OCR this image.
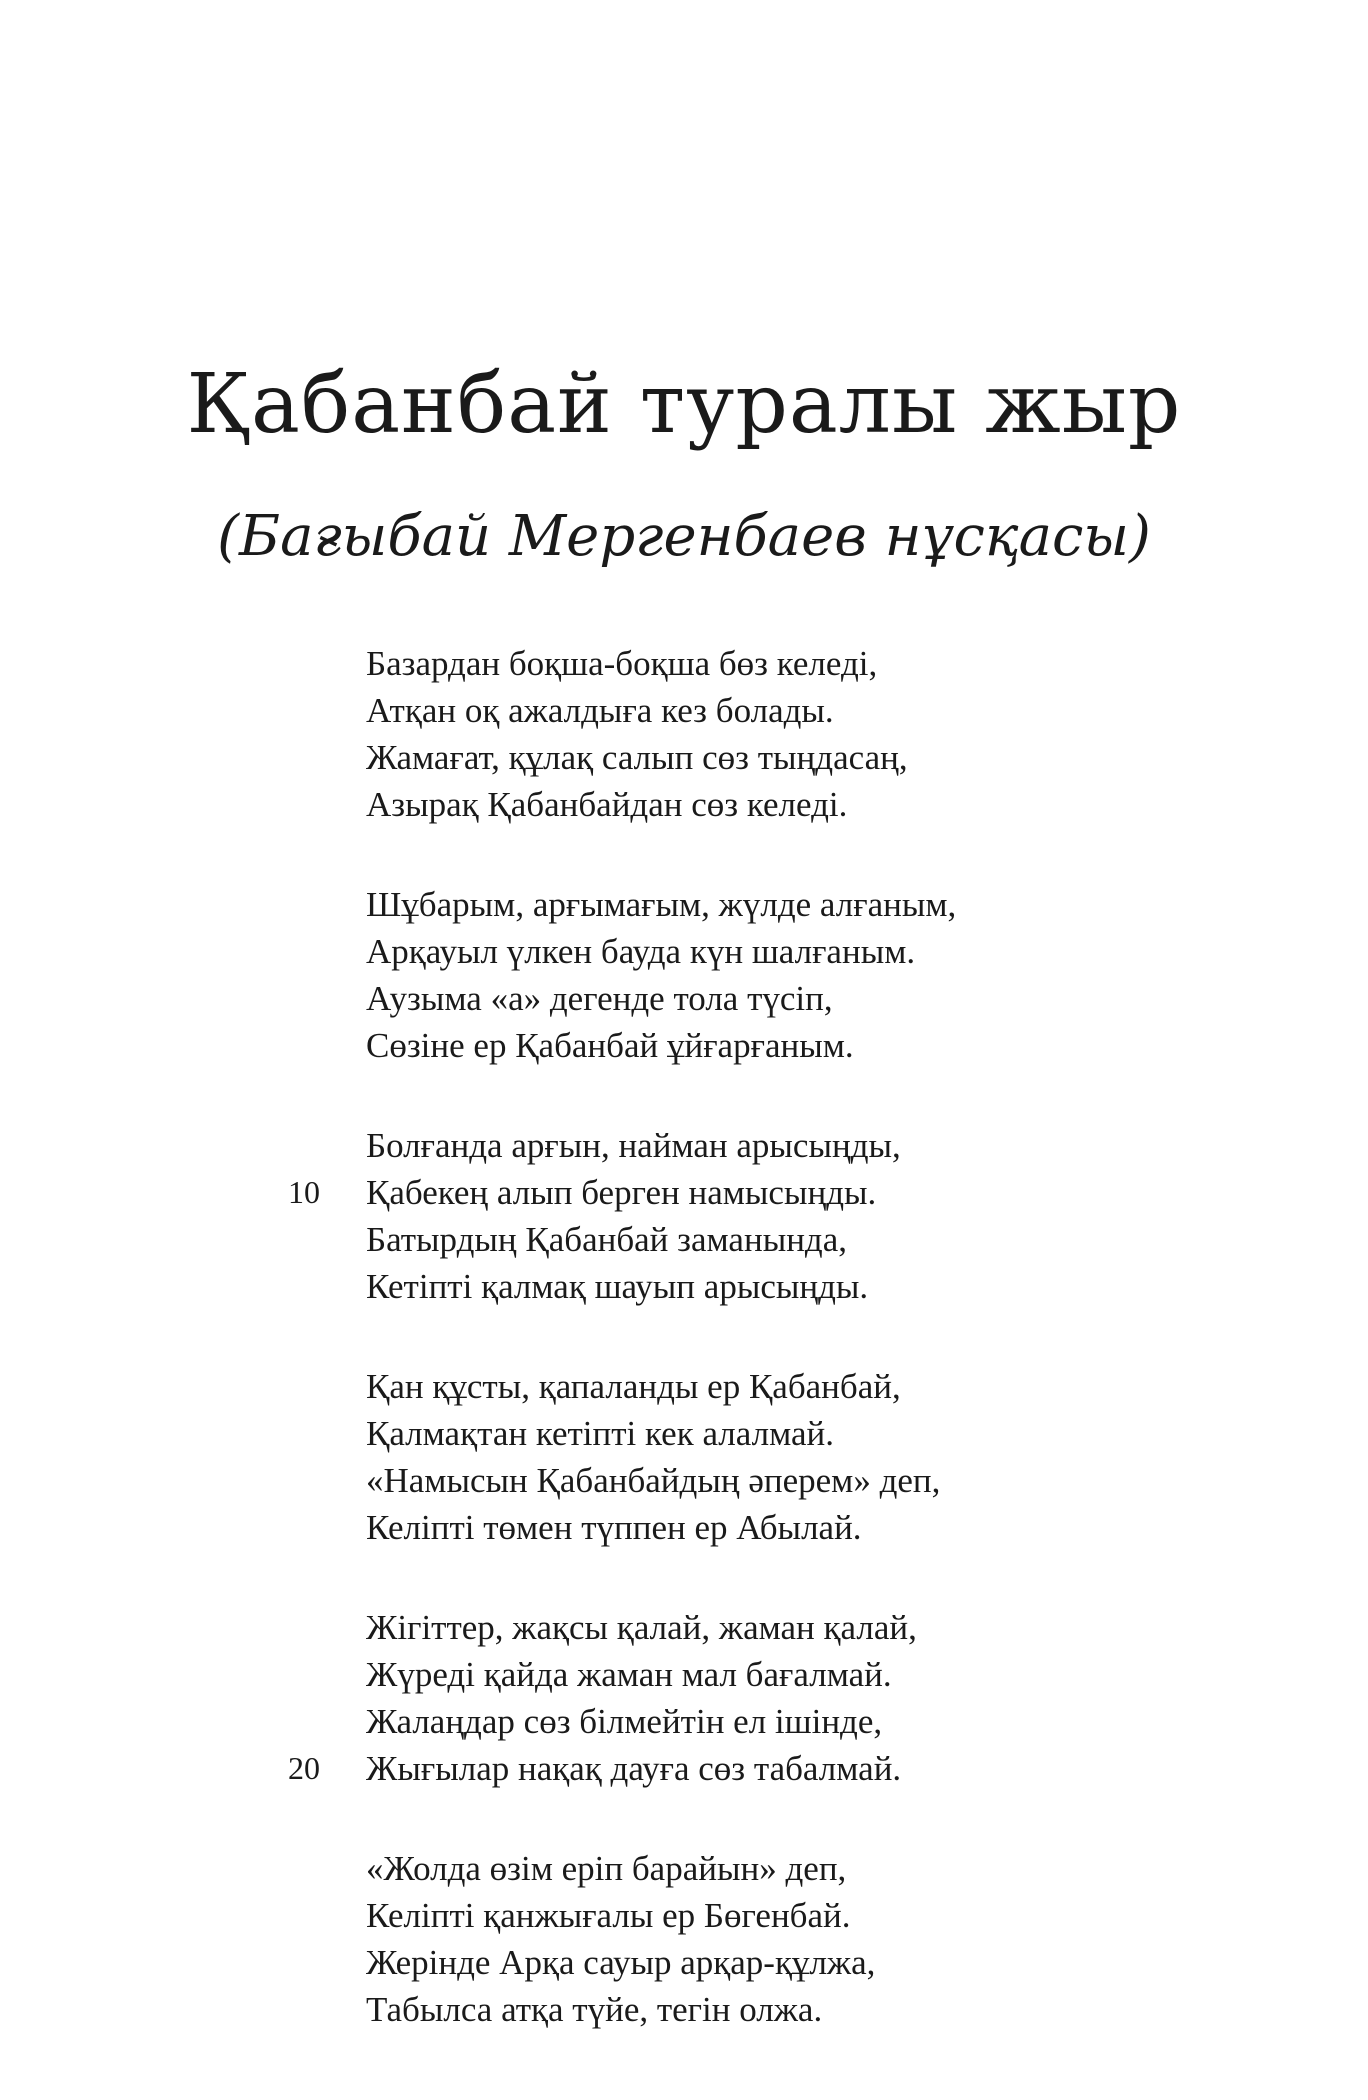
Қабанбай туралы жыр
(Бағыбай Мергенбаев нұсқасы)
Базардан боқша-боқша бөз келеді,
Атқан оқ ажалдыға кез болады.
Жамағат, құлақ салып сөз тыңдасаң,
Азырақ Қабанбайдан сөз келеді.
Шұбарым, арғымағым, жүлде алғаным,
Арқауыл үлкен бауда күн шалғаным.
Аузыма «а» дегенде тола түсіп,
Сөзіне ер Қабанбай ұйғарғаным.
Болғанда арғын, найман арысыңды,
10 Қабекең алып берген намысыңды.
Батырдың Қабанбай заманында,
Кетіпті қалмақ шауып арысыңды.
Қан құсты, қапаланды ер Қабанбай,
Қалмақтан кетіпті кек алалмай.
«Намысын Қабанбайдың әперем» деп,
Келіпті төмен түппен ер Абылай.
Жігіттер, жақсы қалай, жаман қалай,
Жүреді қайда жаман мал бағалмай.
Жалаңдар сөз білмейтін ел ішінде,
20 Жығылар нақақ дауға сөз табалмай.
«Жолда өзім еріп барайын» деп,
Келіпті қанжығалы ер Бөгенбай.
Жерінде Арқа сауыр арқар-құлжа,
Табылса атқа түйе, тегін олжа.
